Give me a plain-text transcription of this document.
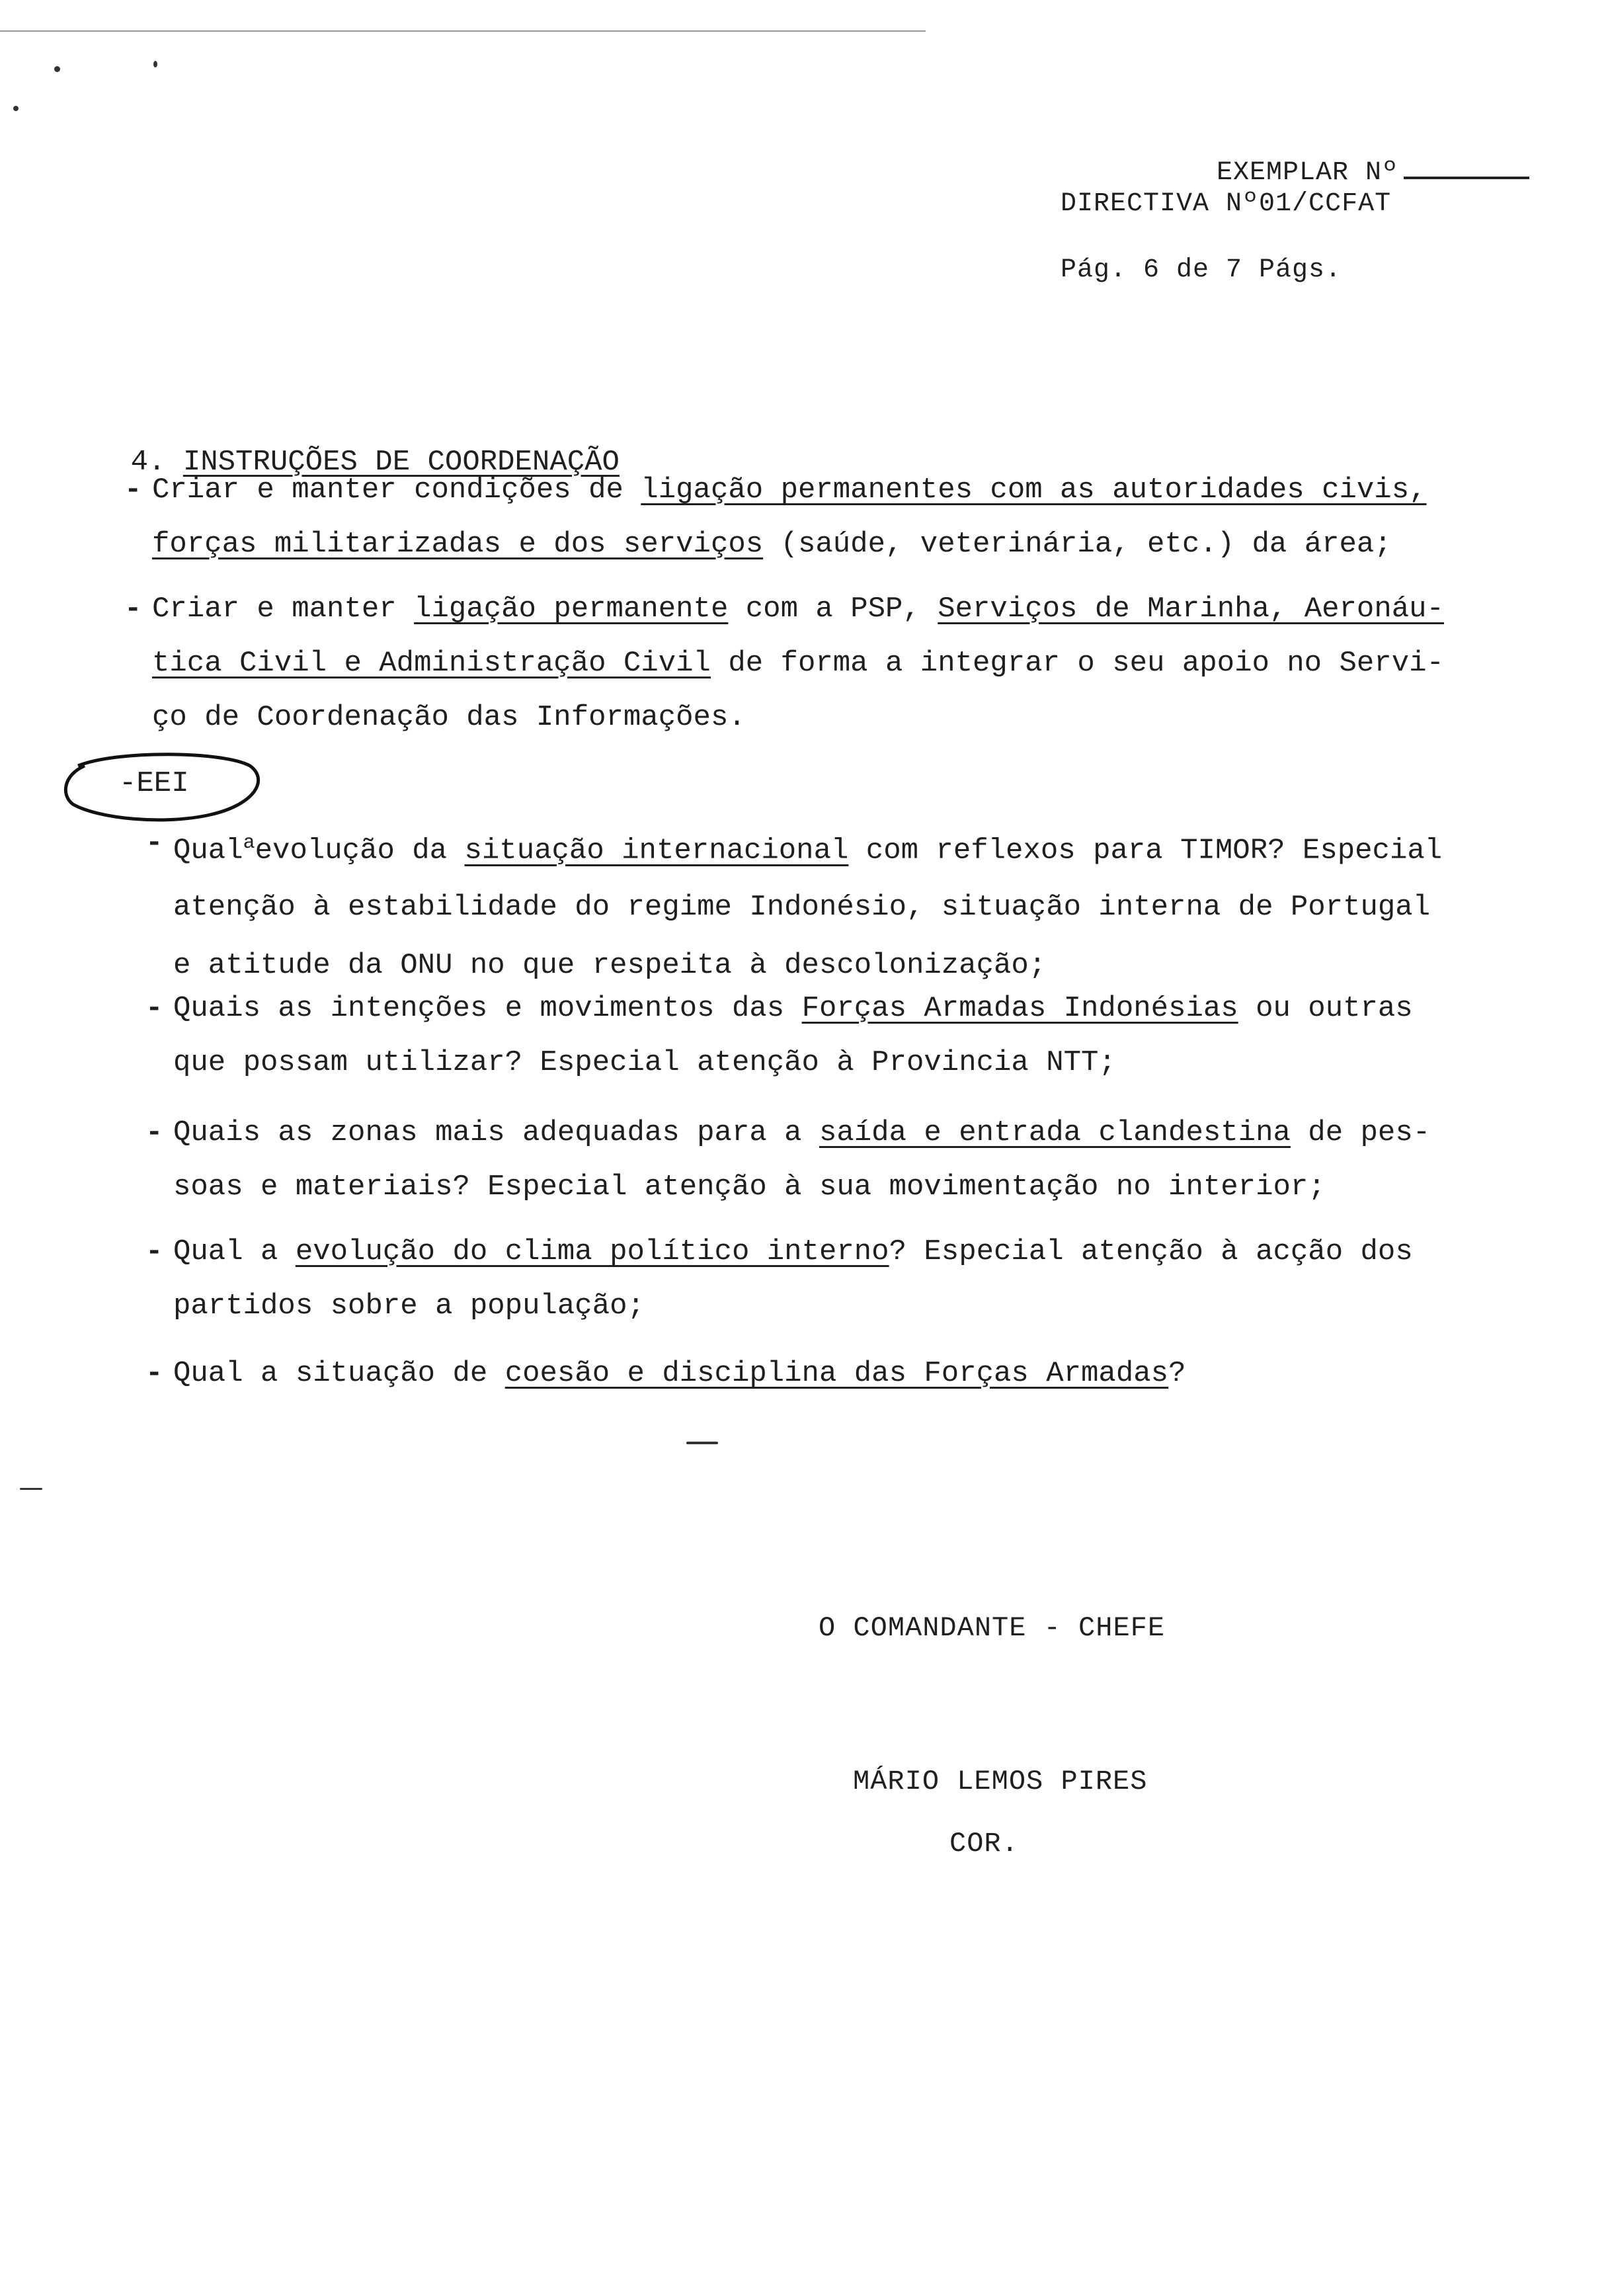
EXEMPLAR Nº

DIRECTIVA Nº01/CCFAT
Pág. 6 de 7 Págs.

4. INSTRUÇÕES DE COORDENAÇÃO

- Criar e manter condições de ligação permanentes com as autoridades civis,

forças militarizadas e dos serviços (saúde, veterinária, etc.) da área;

- Criar e manter ligação permanente com a PSP, Serviços de Marinha, Aeronáu-

tica Civil e Administração Civil de forma a integrar o seu apoio no Servi-

ço de Coordenação das Informações.

-EEI
- Qual$^a$evolução da situação internacional com reflexos para TIMOR? Especial

atenção à estabilidade do regime Indonésio, situação interna de Portugal

e atitude da ONU no que respeita à descolonização;

- Quais as intenções e movimentos das Forças Armadas Indonésias ou outras

que possam utilizar? Especial atenção à Provincia NTT;

- Quais as zonas mais adequadas para a saída e entrada clandestina de pes-

soas e materiais? Especial atenção à sua movimentação no interior;

- Qual a evolução do clima político interno? Especial atenção à acção dos

partidos sobre a população;

- Qual a situação de coesão e disciplina das Forças Armadas?

O COMANDANTE - CHEFE
MÁRIO LEMOS PIRES
COR.
